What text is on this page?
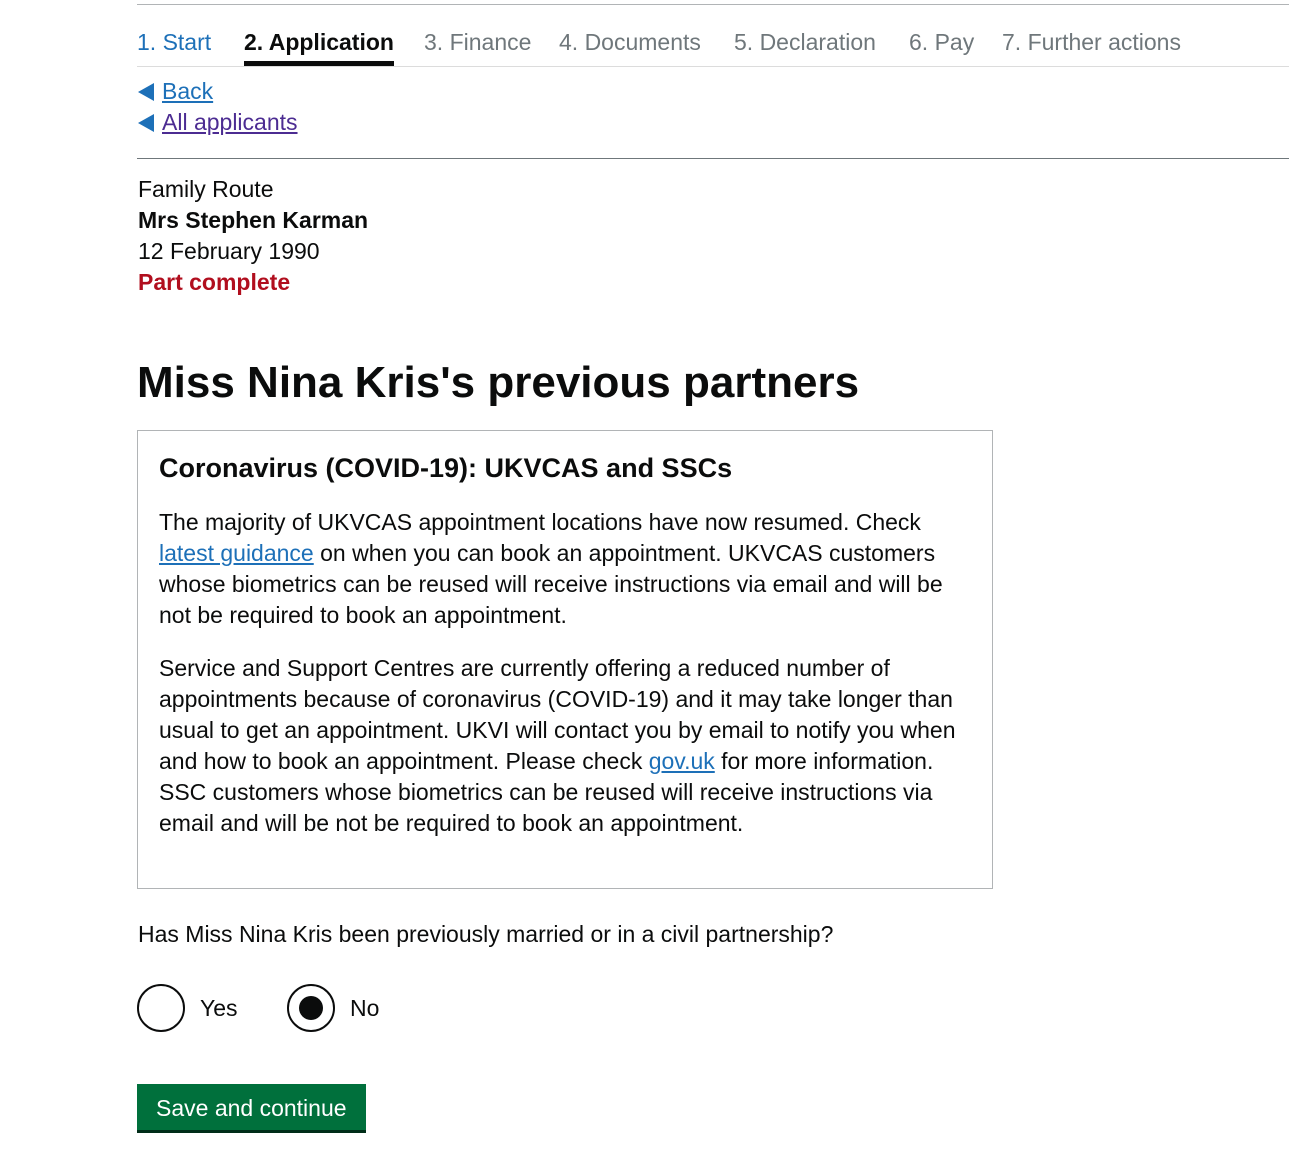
1. Start 2. Application 3. Finance 4. Documents 5. Declaration 6. Pay 7. Further actions
Back
All applicants
Family Route
Mrs Stephen Karman
12 February 1990
Part complete
Miss Nina Kris's previous partners
Coronavirus (COVID-19): UKVCAS and SSCs

The majority of UKVCAS appointment locations have now resumed. Check latest guidance on when you can book an appointment. UKVCAS customers whose biometrics can be reused will receive instructions via email and will be not be required to book an appointment.

Service and Support Centres are currently offering a reduced number of appointments because of coronavirus (COVID-19) and it may take longer than usual to get an appointment. UKVI will contact you by email to notify you when and how to book an appointment. Please check gov.uk for more information. SSC customers whose biometrics can be reused will receive instructions via email and will be not be required to book an appointment.

Has Miss Nina Kris been previously married or in a civil partnership?
Yes	No
Save and continue
